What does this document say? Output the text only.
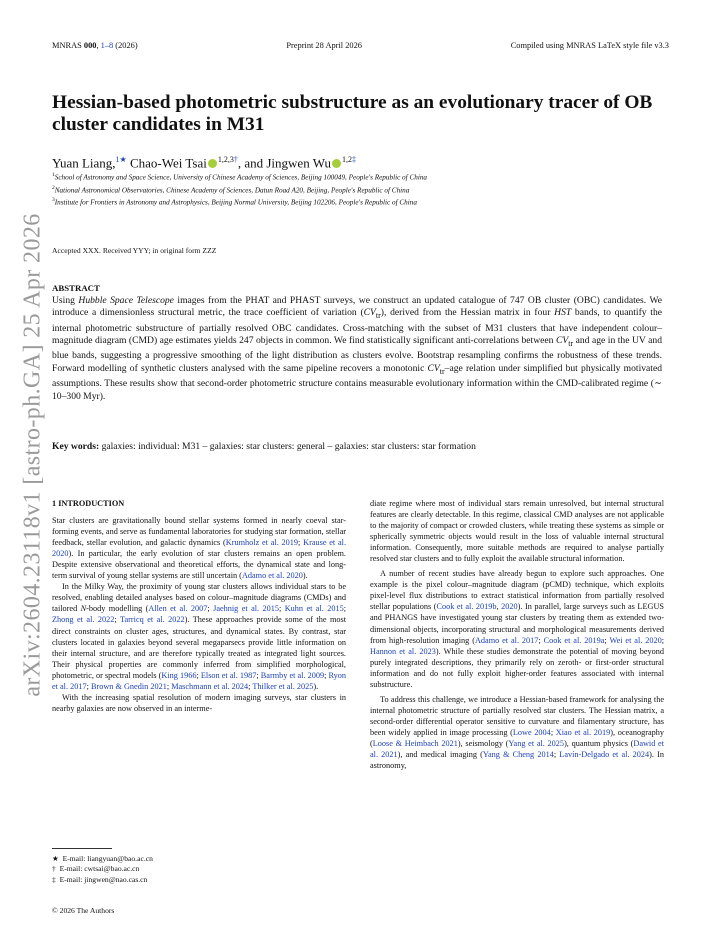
MNRAS 000, 1–8 (2026)	Preprint 28 April 2026	Compiled using MNRAS LaTeX style file v3.3
arXiv:2604.23118v1 [astro-ph.GA] 25 Apr 2026
Hessian-based photometric substructure as an evolutionary tracer of OB cluster candidates in M31
Yuan Liang,$^{1★}$ Chao-Wei Tsai $^{1,2,3\dagger}$, and Jingwen Wu $^{1,2\ddagger}$
$^1$School of Astronomy and Space Science, University of Chinese Academy of Sciences, Beijing 100049, People's Republic of China
$^2$National Astronomical Observatories, Chinese Academy of Sciences, Datun Road A20, Beijing, People's Republic of China
$^3$Institute for Frontiers in Astronomy and Astrophysics, Beijing Normal University, Beijing 102206, People's Republic of China
Accepted XXX. Received YYY; in original form ZZZ
ABSTRACT
Using Hubble Space Telescope images from the PHAT and PHAST surveys, we construct an updated catalogue of 747 OB cluster (OBC) candidates. We introduce a dimensionless structural metric, the trace coefficient of variation $(CV_{tr})$, derived from the Hessian matrix in four HST bands, to quantify the internal photometric substructure of partially resolved OBC candidates. Cross-matching with the subset of M31 clusters that have independent colour–magnitude diagram (CMD) age estimates yields 247 objects in common. We find statistically significant anti-correlations between $CV_{tr}$ and age in the UV and blue bands, suggesting a progressive smoothing of the light distribution as clusters evolve. Bootstrap resampling confirms the robustness of these trends. Forward modelling of synthetic clusters analysed with the same pipeline recovers a monotonic $CV_{tr}$–age relation under simplified but physically motivated assumptions. These results show that second-order photometric structure contains measurable evolutionary information within the CMD-calibrated regime (∼ 10–300 Myr).
Key words: galaxies: individual: M31 – galaxies: star clusters: general – galaxies: star clusters: star formation
1 INTRODUCTION

Star clusters are gravitationally bound stellar systems formed in nearly coeval star-forming events, and serve as fundamental laboratories for studying star formation, stellar feedback, stellar evolution, and galactic dynamics (Krumholz et al. 2019; Krause et al. 2020). In particular, the early evolution of star clusters remains an open problem. Despite extensive observational and theoretical efforts, the dynamical state and long-term survival of young stellar systems are still uncertain (Adamo et al. 2020).

In the Milky Way, the proximity of young star clusters allows individual stars to be resolved, enabling detailed analyses based on colour–magnitude diagrams (CMDs) and tailored N-body modelling (Allen et al. 2007; Jaehnig et al. 2015; Kuhn et al. 2015; Zhong et al. 2022; Tarricq et al. 2022). These approaches provide some of the most direct constraints on cluster ages, structures, and dynamical states. By contrast, star clusters located in galaxies beyond several megaparsecs provide little information on their internal structure, and are therefore typically treated as integrated light sources. Their physical properties are commonly inferred from simplified morphological, photometric, or spectral models (King 1966; Elson et al. 1987; Barmby et al. 2009; Ryon et al. 2017; Brown & Gnedin 2021; Maschmann et al. 2024; Thilker et al. 2025).

With the increasing spatial resolution of modern imaging surveys, star clusters in nearby galaxies are now observed in an interme-

diate regime where most of individual stars remain unresolved, but internal structural features are clearly detectable. In this regime, classical CMD analyses are not applicable to the majority of compact or crowded clusters, while treating these systems as simple or spherically symmetric objects would result in the loss of valuable internal structural information. Consequently, more suitable methods are required to analyse partially resolved star clusters and to fully exploit the available structural information.

A number of recent studies have already begun to explore such approaches. One example is the pixel colour–magnitude diagram (pCMD) technique, which exploits pixel-level flux distributions to extract statistical information from partially resolved stellar populations (Cook et al. 2019b, 2020). In parallel, large surveys such as LEGUS and PHANGS have investigated young star clusters by treating them as extended two-dimensional objects, incorporating structural and morphological measurements derived from high-resolution imaging (Adamo et al. 2017; Cook et al. 2019a; Wei et al. 2020; Hannon et al. 2023). While these studies demonstrate the potential of moving beyond purely integrated descriptions, they primarily rely on zeroth- or first-order structural information and do not fully exploit higher-order features associated with internal substructure.

To address this challenge, we introduce a Hessian-based framework for analysing the internal photometric structure of partially resolved star clusters. The Hessian matrix, a second-order differential operator sensitive to curvature and filamentary structure, has been widely applied in image processing (Lowe 2004; Xiao et al. 2019), oceanography (Loose & Heimbach 2021), seismology (Yang et al. 2025), quantum physics (Dawid et al. 2021), and medical imaging (Yang & Cheng 2014; Lavín-Delgado et al. 2024). In astronomy,

★ E-mail: liangyuan@bao.ac.cn
† E-mail: cwtsai@bao.ac.cn
‡ E-mail: jingwen@nao.cas.cn
© 2026 The Authors
